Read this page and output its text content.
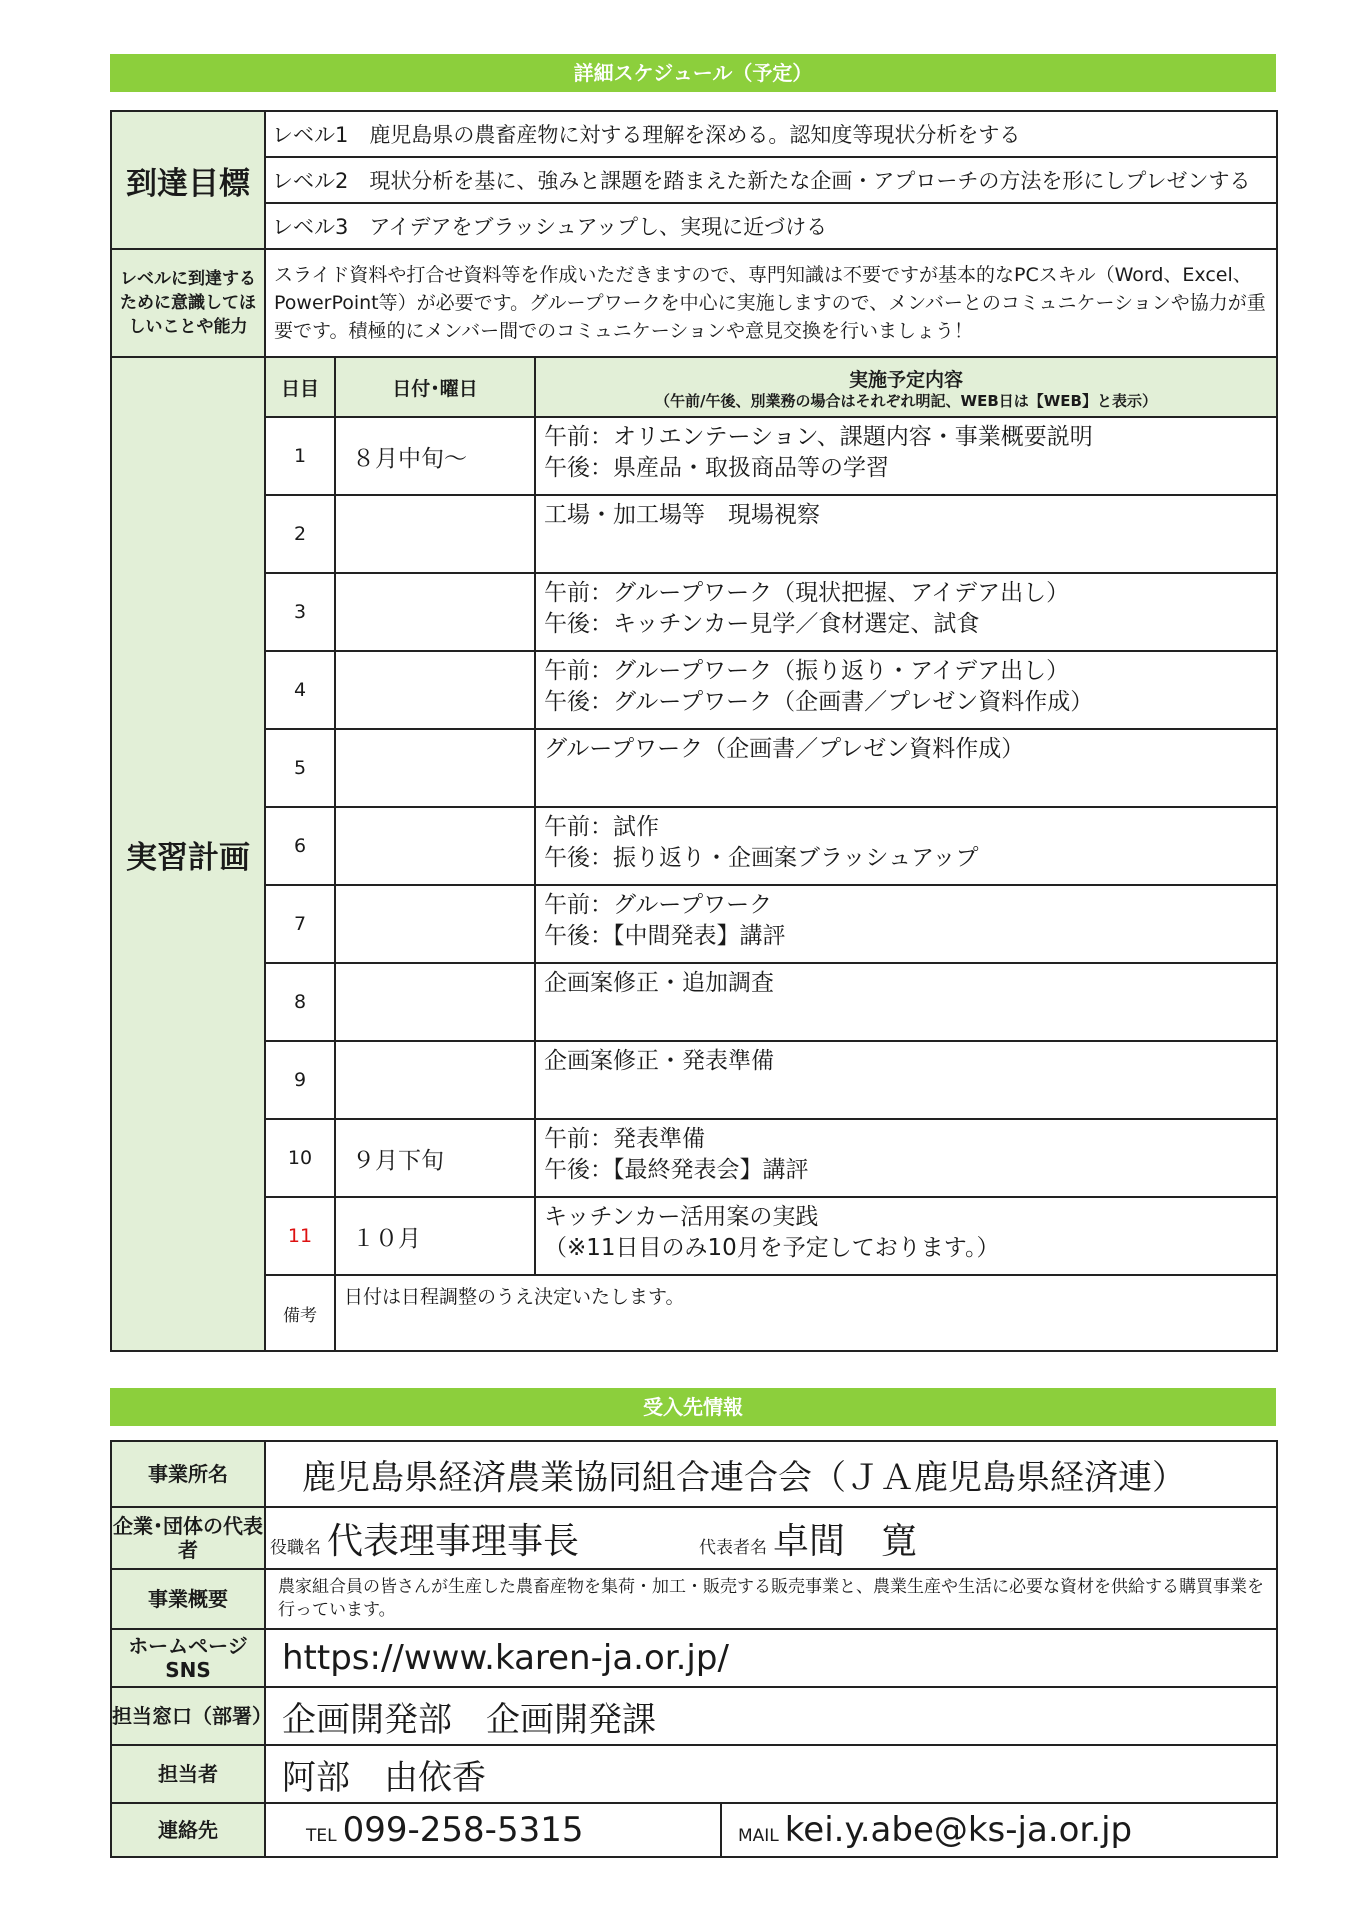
詳細スケジュール（予定）
到達目標	レベル1　鹿児島県の農畜産物に対する理解を深める。認知度等現状分析をする		
	レベル2　現状分析を基に、強みと課題を踏まえた新たな企画・アプローチの方法を形にしプレゼンする		
	レベル3　アイデアをブラッシュアップし、実現に近づける		
レベルに到達するために意識してほしいことや能力	スライド資料や打合せ資料等を作成いただきますので、専門知識は不要ですが基本的なPCスキル（Word、Excel、PowerPoint等）が必要です。グループワークを中心に実施しますので、メンバーとのコミュニケーションや協力が重要です。積極的にメンバー間でのコミュニケーションや意見交換を行いましょう！		
実習計画	日目	日付･曜日	実施予定内容
（午前/午後、別業務の場合はそれぞれ明記、WEB日は【WEB】と表示）

	1	８月中旬～	午前：オリエンテーション、課題内容・事業概要説明
午後：県産品・取扱商品等の学習

	2		工場・加工場等　現場視察

	3		午前：グループワーク（現状把握、アイデア出し）
午後：キッチンカー見学／食材選定、試食

	4		午前：グループワーク（振り返り・アイデア出し）
午後：グループワーク（企画書／プレゼン資料作成）

	5		グループワーク（企画書／プレゼン資料作成）

	6		午前：試作
午後：振り返り・企画案ブラッシュアップ

	7		午前：グループワーク
午後：【中間発表】講評

	8		企画案修正・追加調査

	9		企画案修正・発表準備

	10	９月下旬	午前：発表準備
午後：【最終発表会】講評

	11	１０月	キッチンカー活用案の実践
（※11日目のみ10月を予定しております。）

	備考	日付は日程調整のうえ決定いたします。	
受入先情報
事業所名	鹿児島県経済農業協同組合連合会（ＪＡ鹿児島県経済連）	
企業･団体の代表者	役職名 代表理事理事長 代表者名 卓間　寛	
事業概要	農家組合員の皆さんが生産した農畜産物を集荷・加工・販売する販売事業と、農業生産や生活に必要な資材を供給する購買事業を行っています。	
ホームページSNS	https://www.karen-ja.or.jp/	
担当窓口（部署）	企画開発部　企画開発課	
担当者	阿部　由依香	
連絡先	TEL 099-258-5315	MAIL kei.y.abe@ks-ja.or.jp
